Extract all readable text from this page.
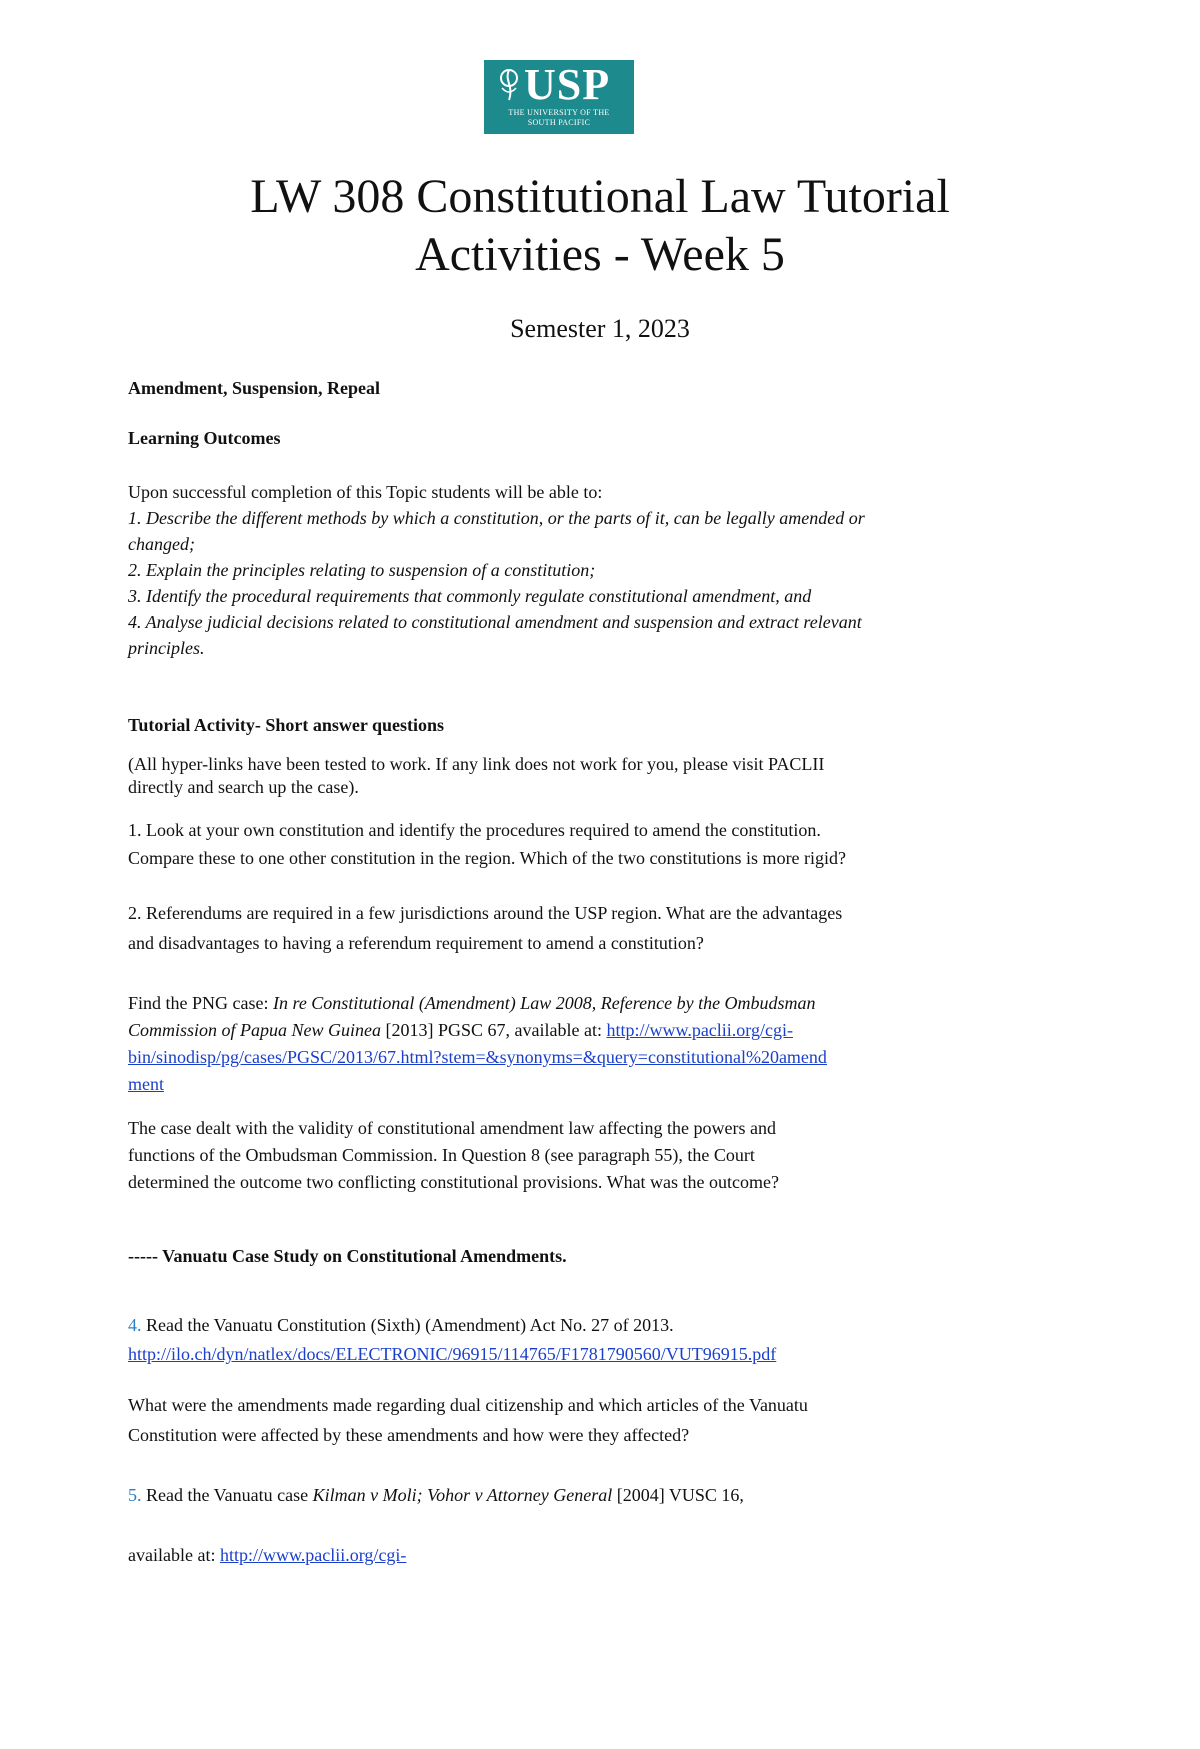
USP
THE UNIVERSITY OF THE
SOUTH PACIFIC
LW 308 Constitutional Law Tutorial
Activities - Week 5
Semester 1, 2023

Amendment, Suspension, Repeal

Learning Outcomes

Upon successful completion of this Topic students will be able to:

1. Describe the different methods by which a constitution, or the parts of it, can be legally amended or
changed;
2. Explain the principles relating to suspension of a constitution;
3. Identify the procedural requirements that commonly regulate constitutional amendment, and
4. Analyse judicial decisions related to constitutional amendment and suspension and extract relevant
principles.

Tutorial Activity- Short answer questions

(All hyper-links have been tested to work. If any link does not work for you, please visit PACLII
directly and search up the case).
1. Look at your own constitution and identify the procedures required to amend the constitution.
Compare these to one other constitution in the region. Which of the two constitutions is more rigid?
2. Referendums are required in a few jurisdictions around the USP region. What are the advantages
and disadvantages to having a referendum requirement to amend a constitution?
Find the PNG case: In re Constitutional (Amendment) Law 2008, Reference by the Ombudsman
Commission of Papua New Guinea [2013] PGSC 67, available at: http://www.paclii.org/cgi-
bin/sinodisp/pg/cases/PGSC/2013/67.html?stem=&synonyms=&query=constitutional%20amend
ment
The case dealt with the validity of constitutional amendment law affecting the powers and
functions of the Ombudsman Commission. In Question 8 (see paragraph 55), the Court
determined the outcome two conflicting constitutional provisions. What was the outcome?

----- Vanuatu Case Study on Constitutional Amendments.

4. Read the Vanuatu Constitution (Sixth) (Amendment) Act No. 27 of 2013.
http://ilo.ch/dyn/natlex/docs/ELECTRONIC/96915/114765/F1781790560/VUT96915.pdf
What were the amendments made regarding dual citizenship and which articles of the Vanuatu
Constitution were affected by these amendments and how were they affected?

5. Read the Vanuatu case Kilman v Moli; Vohor v Attorney General [2004] VUSC 16,

available at: http://www.paclii.org/cgi-
